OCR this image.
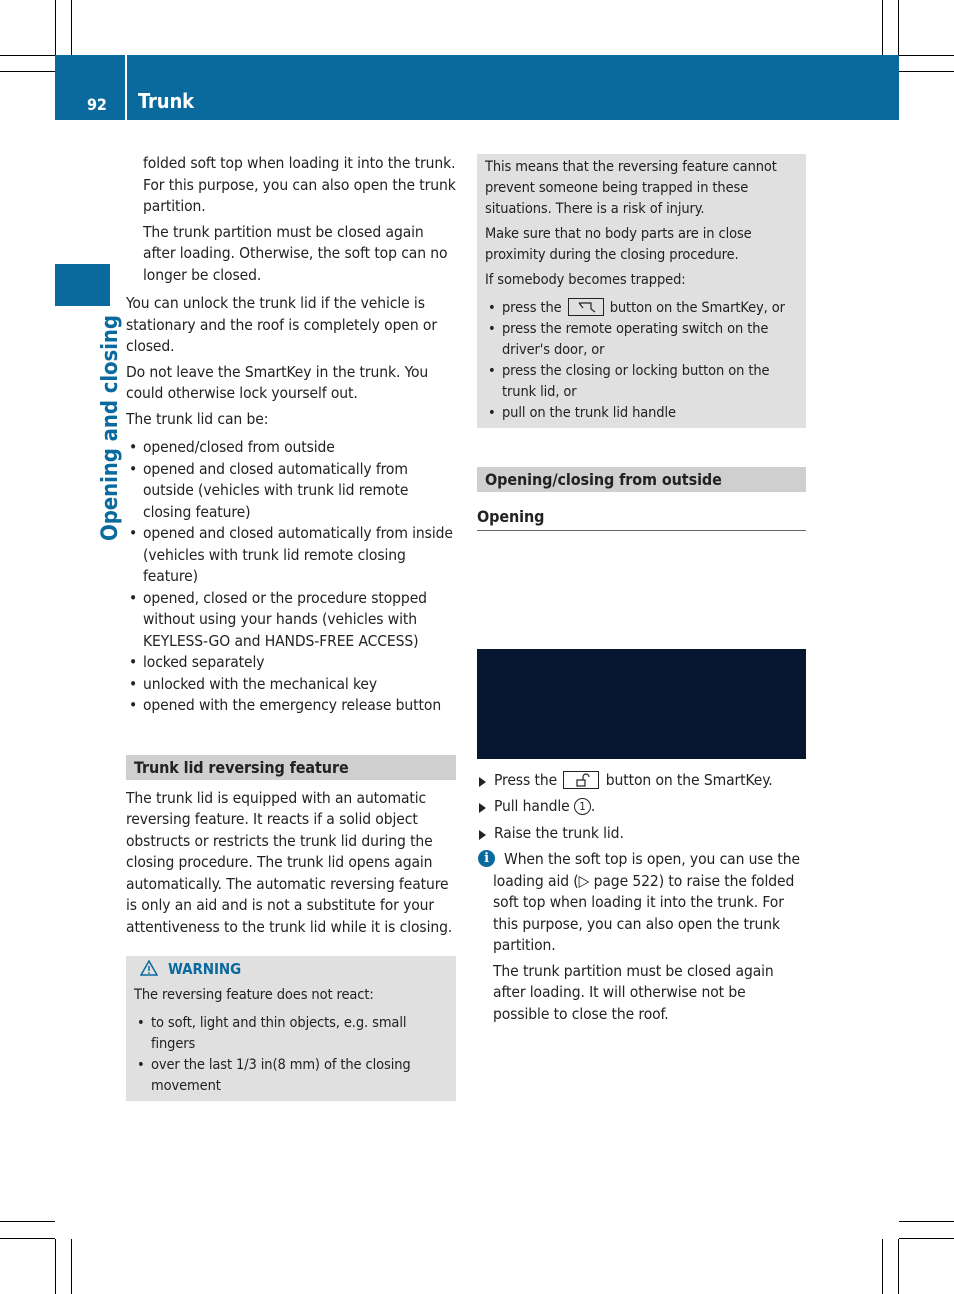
92 Trunk
Opening and closing

folded soft top when loading it into the trunk. For this purpose, you can also open the trunk partition.

The trunk partition must be closed again after loading. Otherwise, the soft top can no longer be closed.

You can unlock the trunk lid if the vehicle is stationary and the roof is completely open or closed.

Do not leave the SmartKey in the trunk. You could otherwise lock yourself out.

The trunk lid can be:

• opened/closed from outside
• opened and closed automatically from outside (vehicles with trunk lid remote closing feature)
• opened and closed automatically from inside (vehicles with trunk lid remote closing feature)
• opened, closed or the procedure stopped without using your hands (vehicles with KEYLESS-GO and HANDS-FREE ACCESS)
• locked separately
• unlocked with the mechanical key
• opened with the emergency release button
Trunk lid reversing feature

The trunk lid is equipped with an automatic reversing feature. It reacts if a solid object obstructs or restricts the trunk lid during the closing procedure. The trunk lid opens again automatically. The automatic reversing feature is only an aid and is not a substitute for your attentiveness to the trunk lid while it is closing.

WARNING

The reversing feature does not react:

• to soft, light and thin objects, e.g. small fingers
• over the last 1/3 in(8 mm) of the closing movement

This means that the reversing feature cannot prevent someone being trapped in these situations. There is a risk of injury.

Make sure that no body parts are in close proximity during the closing procedure.

If somebody becomes trapped:

• press the	button on the SmartKey, or
• press the remote operating switch on the driver's door, or
• press the closing or locking button on the trunk lid, or
• pull on the trunk lid handle
Opening/closing from outside
Opening
Press the	button on the SmartKey.
Pull handle 1 .
Raise the trunk lid.
i When the soft top is open, you can use the loading aid (▷ page 522) to raise the folded soft top when loading it into the trunk. For this purpose, you can also open the trunk partition.

The trunk partition must be closed again after loading. It will otherwise not be possible to close the roof.
